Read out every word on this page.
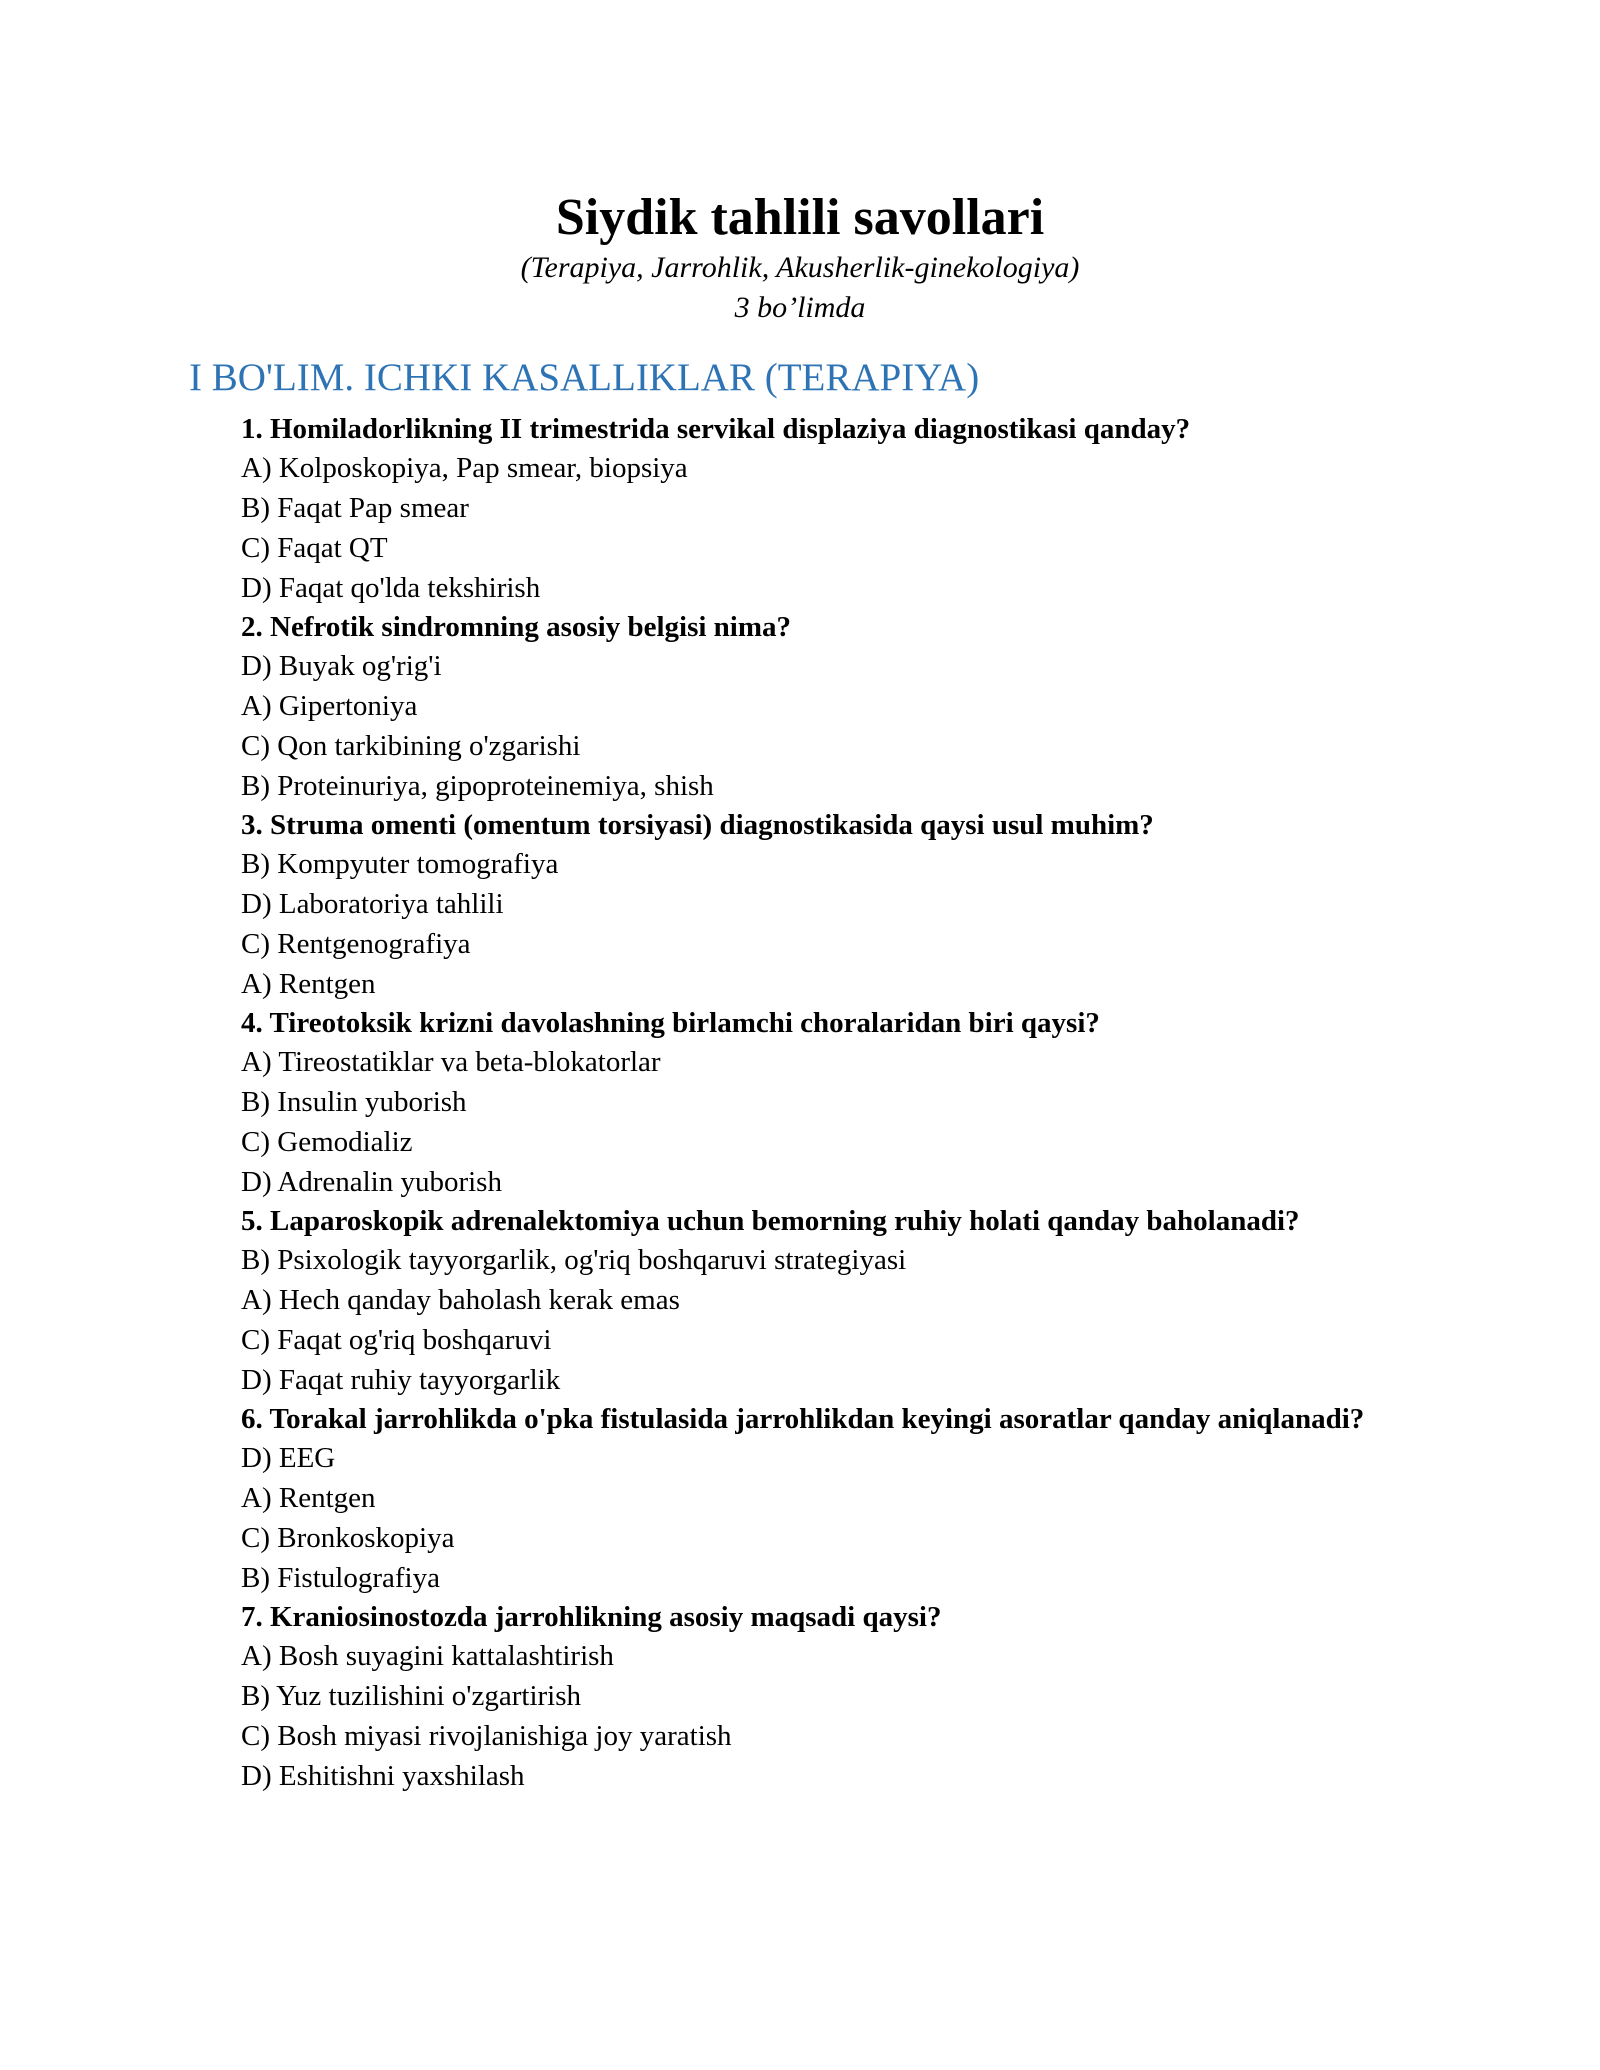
Siydik tahlili savollari
(Terapiya, Jarrohlik, Akusherlik-ginekologiya)
3 bo’limda
I BO'LIM. ICHKI KASALLIKLAR (TERAPIYA)

1. Homiladorlikning II trimestrida servikal displaziya diagnostikasi qanday?

A) Kolposkopiya, Pap smear, biopsiya

B) Faqat Pap smear

C) Faqat QT

D) Faqat qo'lda tekshirish

2. Nefrotik sindromning asosiy belgisi nima?

D) Buyak og'rig'i

A) Gipertoniya

C) Qon tarkibining o'zgarishi

B) Proteinuriya, gipoproteinemiya, shish

3. Struma omenti (omentum torsiyasi) diagnostikasida qaysi usul muhim?

B) Kompyuter tomografiya

D) Laboratoriya tahlili

C) Rentgenografiya

A) Rentgen

4. Tireotoksik krizni davolashning birlamchi choralaridan biri qaysi?

A) Tireostatiklar va beta-blokatorlar

B) Insulin yuborish

C) Gemodializ

D) Adrenalin yuborish

5. Laparoskopik adrenalektomiya uchun bemorning ruhiy holati qanday baholanadi?

B) Psixologik tayyorgarlik, og'riq boshqaruvi strategiyasi

A) Hech qanday baholash kerak emas

C) Faqat og'riq boshqaruvi

D) Faqat ruhiy tayyorgarlik

6. Torakal jarrohlikda o'pka fistulasida jarrohlikdan keyingi asoratlar qanday aniqlanadi?

D) EEG

A) Rentgen

C) Bronkoskopiya

B) Fistulografiya

7. Kraniosinostozda jarrohlikning asosiy maqsadi qaysi?

A) Bosh suyagini kattalashtirish

B) Yuz tuzilishini o'zgartirish

C) Bosh miyasi rivojlanishiga joy yaratish

D) Eshitishni yaxshilash
